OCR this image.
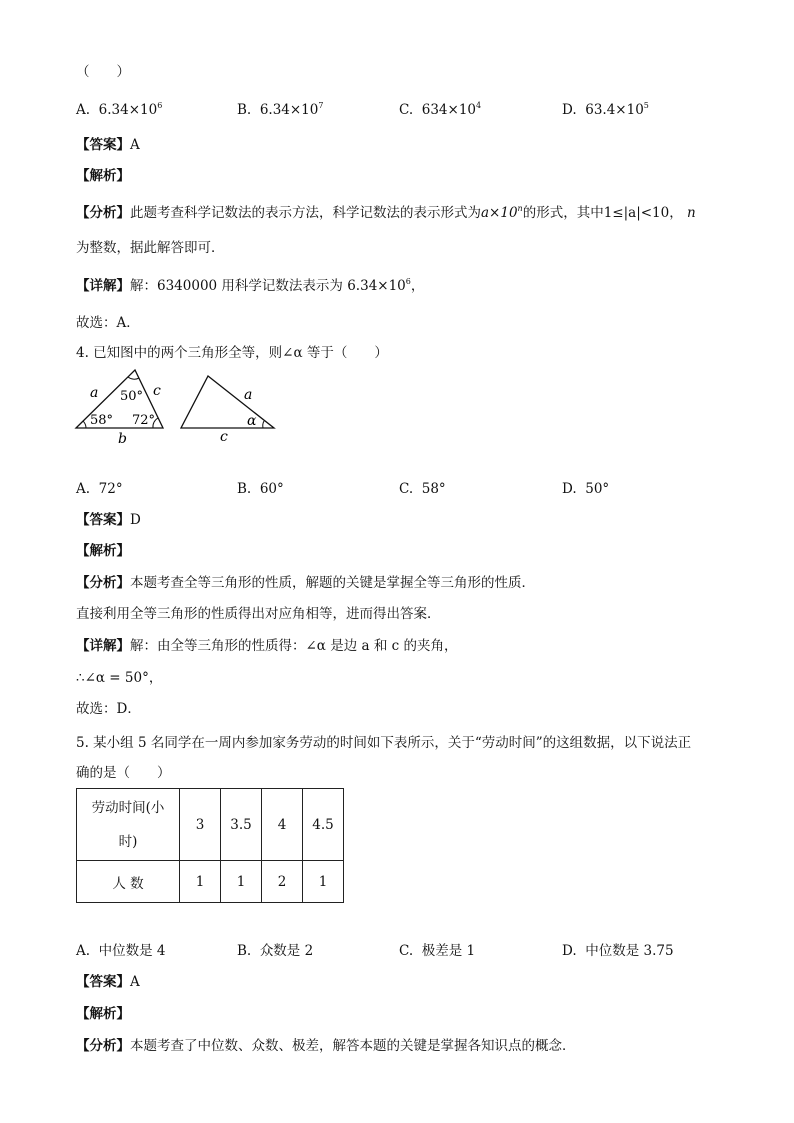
（　　）
A. $6.34\times 10^6$	B. $6.34\times 10^7$	C. $634\times 10^4$	D. $63.4\times 10^5$
【答案】A
【解析】
【分析】此题考查科学记数法的表示方法，科学记数法的表示形式为$a\times 10^n$的形式，其中1≤|a|<10， n
为整数，据此解答即可．
【详解】解：6340000 用科学记数法表示为 $6.34\times 10^6$，
故选：A．
4. 已知图中的两个三角形全等，则∠α 等于（　　）
50°
58° 72°
a	c
b
a
α
c
A. 72°	B. 60°	C. 58°	D. 50°
【答案】D
【解析】
【分析】本题考查全等三角形的性质，解题的关键是掌握全等三角形的性质．
直接利用全等三角形的性质得出对应角相等，进而得出答案．
【详解】解：由全等三角形的性质得：∠α 是边 a 和 c 的夹角，
∴∠α = 50°，
故选：D．
5. 某小组 5 名同学在一周内参加家务劳动的时间如下表所示，关于“劳动时间”的这组数据，以下说法正
确的是（　　）
劳动时间(小
时)	3	3.5	4	4.5
人 数	1	1	2	1
A. 中位数是 4	B. 众数是 2	C. 极差是 1	D. 中位数是 3.75
【答案】A
【解析】
【分析】本题考查了中位数、众数、极差，解答本题的关键是掌握各知识点的概念．
